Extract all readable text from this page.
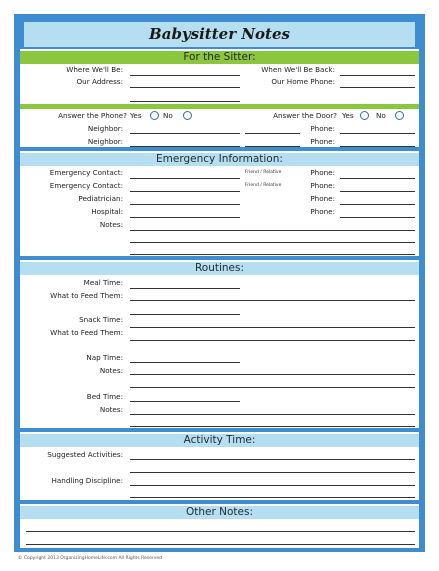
Babysitter Notes
For the Sitter:
Where We'll Be:	When We'll Be Back:
Our Address:	Our Home Phone:
Answer the Phone? Yes	No	Answer the Door? Yes	No
Neighbor:	Phone:
Neighbor:	Phone:
Emergency Information:
Emergency Contact:	Friend / Relative	Phone:
Emergency Contact:	Friend / Relative	Phone:
Pediatrician:	Phone:
Hospital:	Phone:
Notes:
Routines:
Meal Time:
What to Feed Them:
Snack Time:
What to Feed Them:
Nap Time:
Notes:
Bed Time:
Notes:
Activity Time:
Suggested Activities:
Handling Discipline:
Other Notes:
© Copyright 2013 OrganizingHomeLife.com All Rights Reserved
